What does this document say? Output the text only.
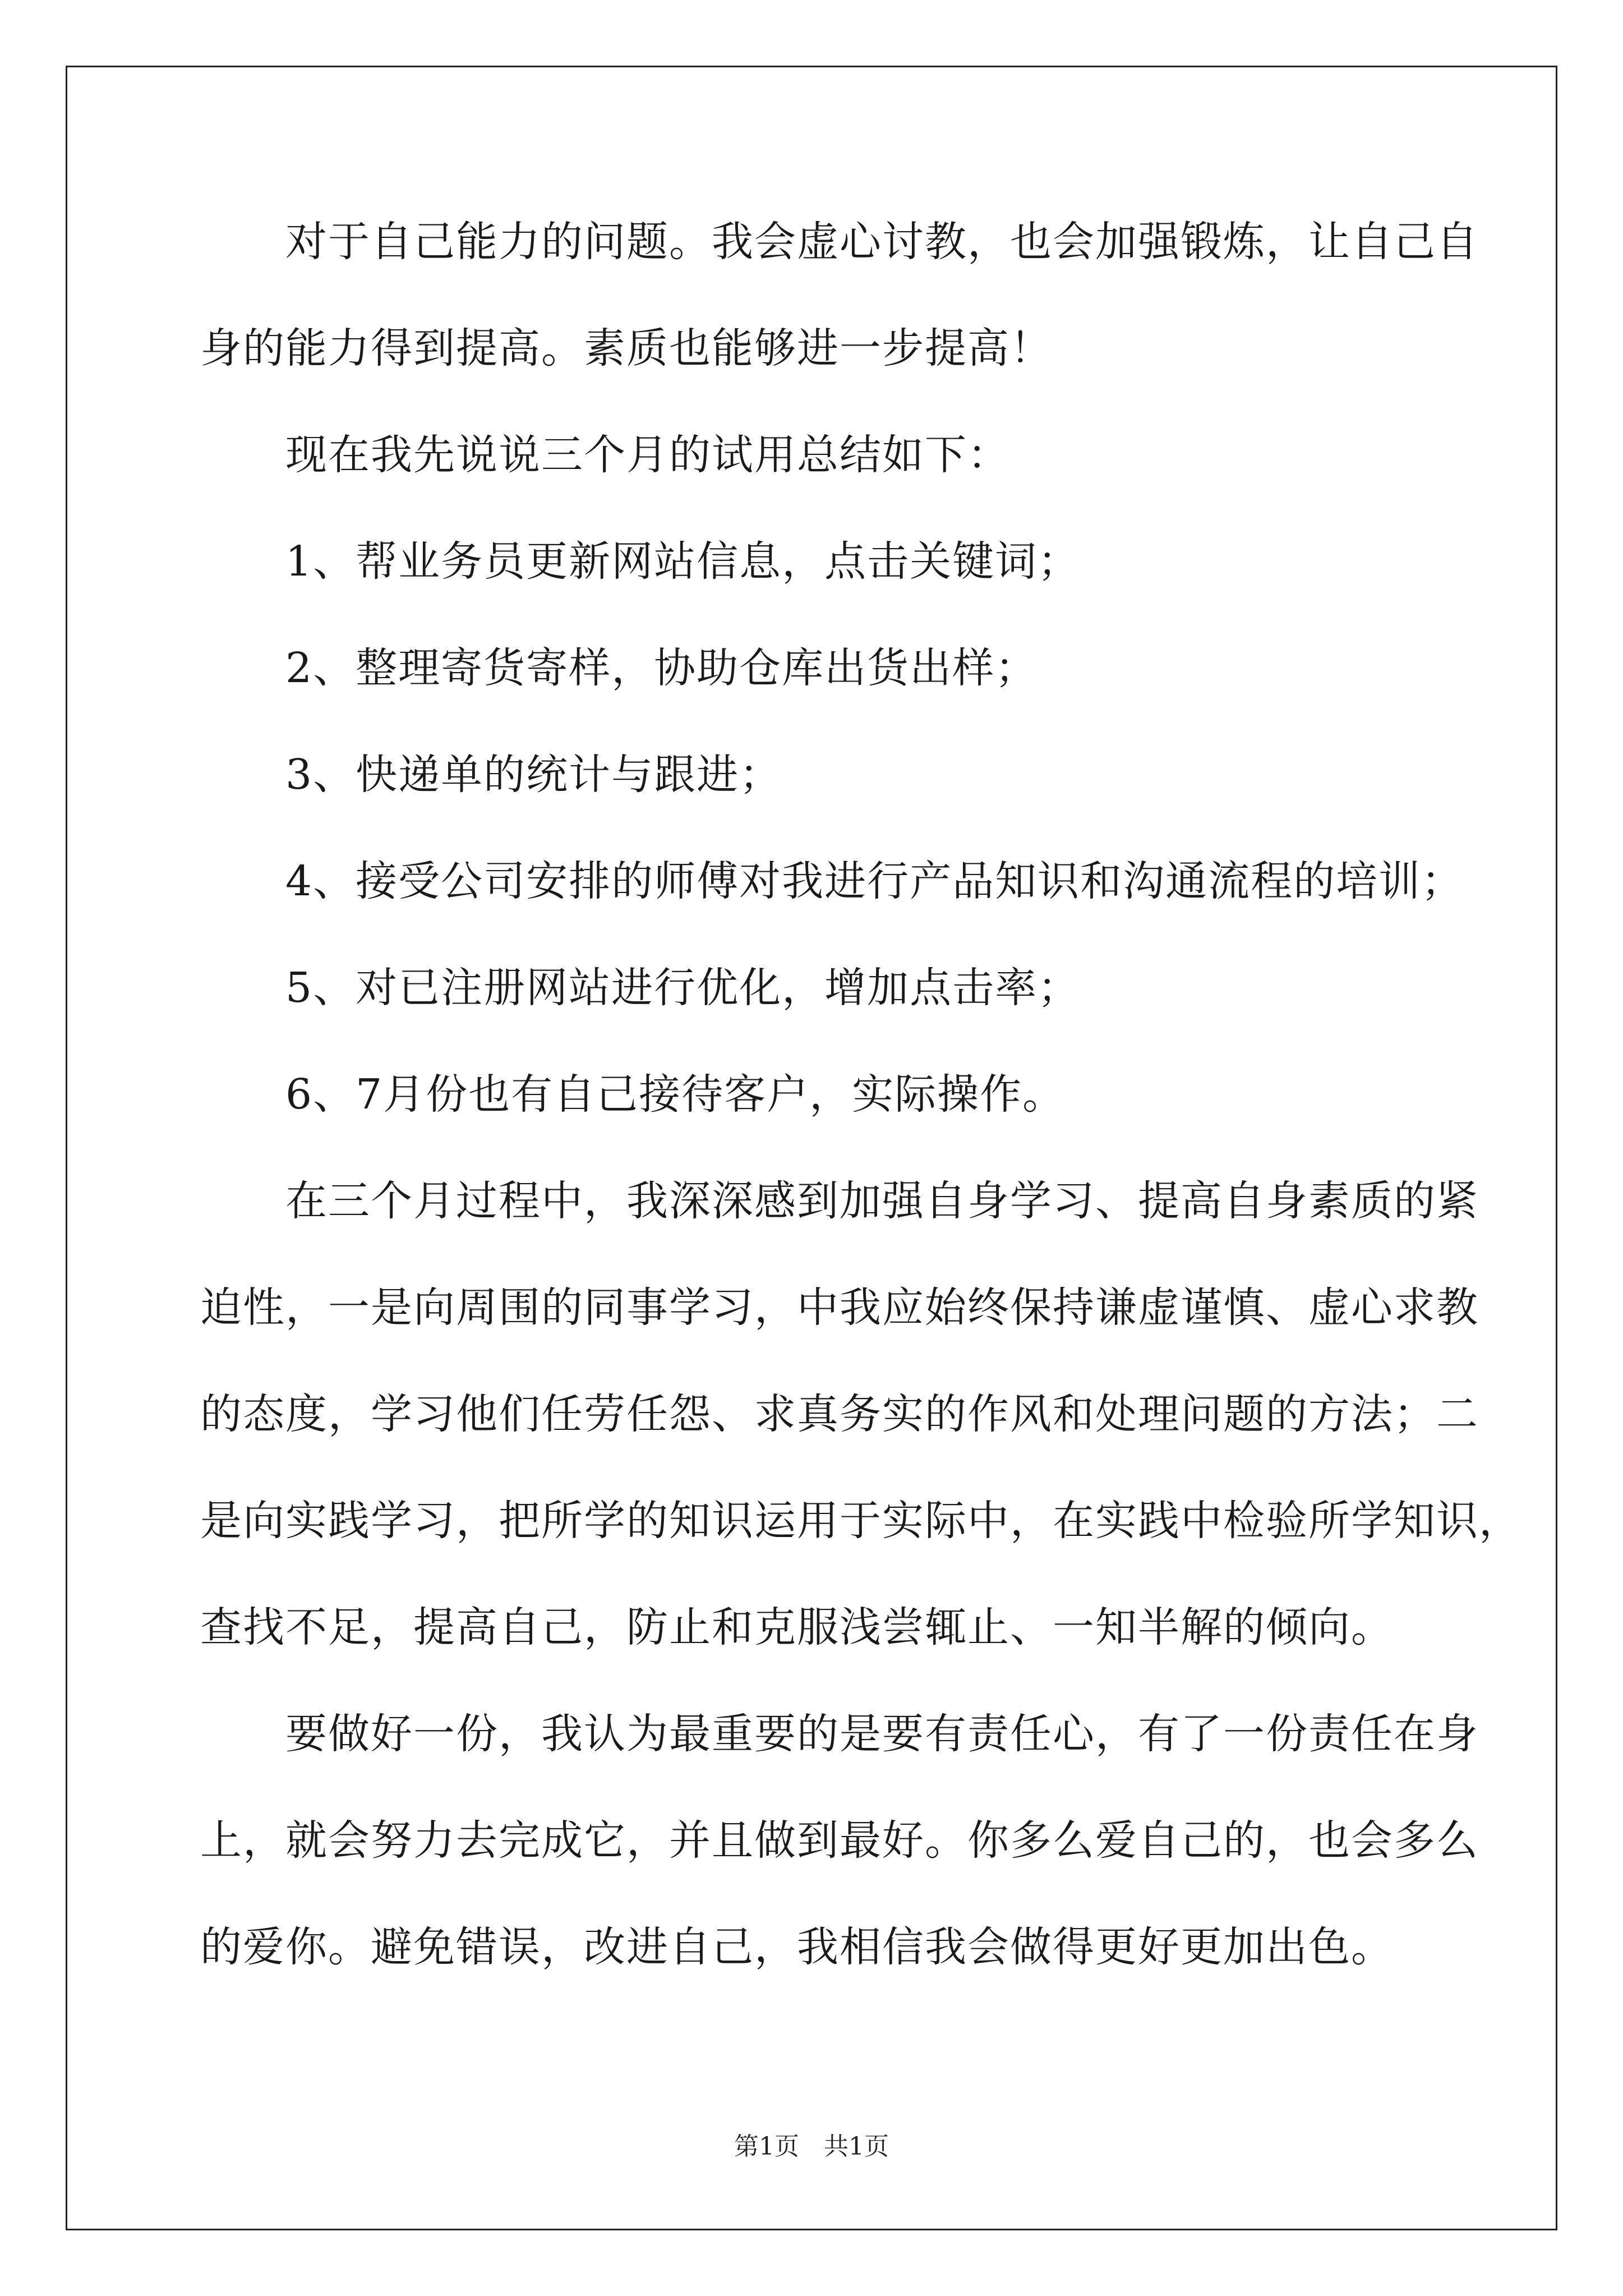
　　对于自己能力的问题。我会虚心讨教，也会加强锻炼，让自己自
身的能力得到提高。素质也能够进一步提高！
　　现在我先说说三个月的试用总结如下：
　　1、帮业务员更新网站信息，点击关键词；
　　2、整理寄货寄样，协助仓库出货出样；
　　3、快递单的统计与跟进；
　　4、接受公司安排的师傅对我进行产品知识和沟通流程的培训；
　　5、对已注册网站进行优化，增加点击率；
　　6、7月份也有自己接待客户，实际操作。
　　在三个月过程中，我深深感到加强自身学习、提高自身素质的紧
迫性，一是向周围的同事学习，中我应始终保持谦虚谨慎、虚心求教
的态度，学习他们任劳任怨、求真务实的作风和处理问题的方法；二
是向实践学习，把所学的知识运用于实际中，在实践中检验所学知识，
查找不足，提高自己，防止和克服浅尝辄止、一知半解的倾向。
　　要做好一份，我认为最重要的是要有责任心，有了一份责任在身
上，就会努力去完成它，并且做到最好。你多么爱自己的，也会多么
的爱你。避免错误，改进自己，我相信我会做得更好更加出色。
第1页　共1页
